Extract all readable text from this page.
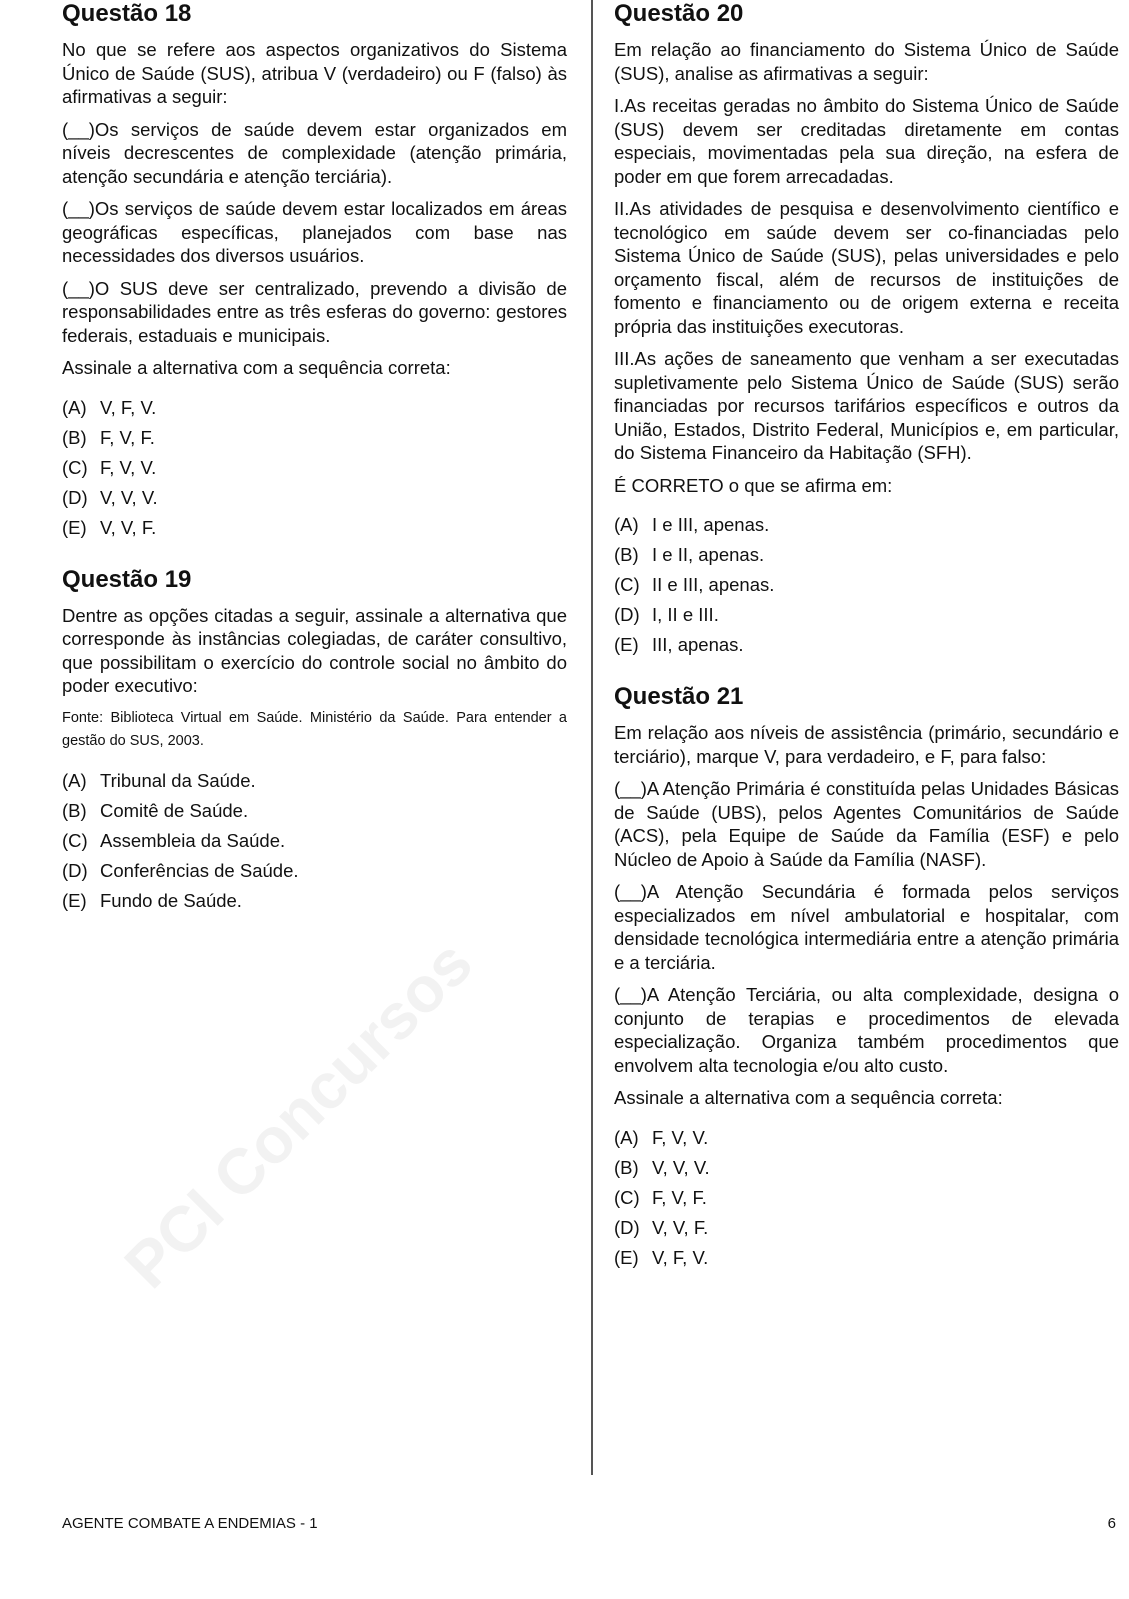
PCI Concursos
Questão 18

No que se refere aos aspectos organizativos do Sistema Único de Saúde (SUS), atribua V (verdadeiro) ou F (falso) às afirmativas a seguir:

(__)Os serviços de saúde devem estar organizados em níveis decrescentes de complexidade (atenção primária, atenção secundária e atenção terciária).

(__)Os serviços de saúde devem estar localizados em áreas geográficas específicas, planejados com base nas necessidades dos diversos usuários.

(__)O SUS deve ser centralizado, prevendo a divisão de responsabilidades entre as três esferas do governo: gestores federais, estaduais e municipais.

Assinale a alternativa com a sequência correta:

(A) V, F, V.
(B) F, V, F.
(C) F, V, V.
(D) V, V, V.
(E) V, V, F.
Questão 19

Dentre as opções citadas a seguir, assinale a alternativa que corresponde às instâncias colegiadas, de caráter consultivo, que possibilitam o exercício do controle social no âmbito do poder executivo:

Fonte: Biblioteca Virtual em Saúde. Ministério da Saúde. Para entender a gestão do SUS, 2003.

(A) Tribunal da Saúde.
(B) Comitê de Saúde.
(C) Assembleia da Saúde.
(D) Conferências de Saúde.
(E) Fundo de Saúde.
Questão 20

Em relação ao financiamento do Sistema Único de Saúde (SUS), analise as afirmativas a seguir:

I.As receitas geradas no âmbito do Sistema Único de Saúde (SUS) devem ser creditadas diretamente em contas especiais, movimentadas pela sua direção, na esfera de poder em que forem arrecadadas.

II.As atividades de pesquisa e desenvolvimento científico e tecnológico em saúde devem ser co-financiadas pelo Sistema Único de Saúde (SUS), pelas universidades e pelo orçamento fiscal, além de recursos de instituições de fomento e financiamento ou de origem externa e receita própria das instituições executoras.

III.As ações de saneamento que venham a ser executadas supletivamente pelo Sistema Único de Saúde (SUS) serão financiadas por recursos tarifários específicos e outros da União, Estados, Distrito Federal, Municípios e, em particular, do Sistema Financeiro da Habitação (SFH).

É CORRETO o que se afirma em:

(A) I e III, apenas.
(B) I e II, apenas.
(C) II e III, apenas.
(D) I, II e III.
(E) III, apenas.
Questão 21

Em relação aos níveis de assistência (primário, secundário e terciário), marque V, para verdadeiro, e F, para falso:

(__)A Atenção Primária é constituída pelas Unidades Básicas de Saúde (UBS), pelos Agentes Comunitários de Saúde (ACS), pela Equipe de Saúde da Família (ESF) e pelo Núcleo de Apoio à Saúde da Família (NASF).

(__)A Atenção Secundária é formada pelos serviços especializados em nível ambulatorial e hospitalar, com densidade tecnológica intermediária entre a atenção primária e a terciária.

(__)A Atenção Terciária, ou alta complexidade, designa o conjunto de terapias e procedimentos de elevada especialização. Organiza também procedimentos que envolvem alta tecnologia e/ou alto custo.

Assinale a alternativa com a sequência correta:

(A) F, V, V.
(B) V, V, V.
(C) F, V, F.
(D) V, V, F.
(E) V, F, V.
AGENTE COMBATE A ENDEMIAS - 1	6
